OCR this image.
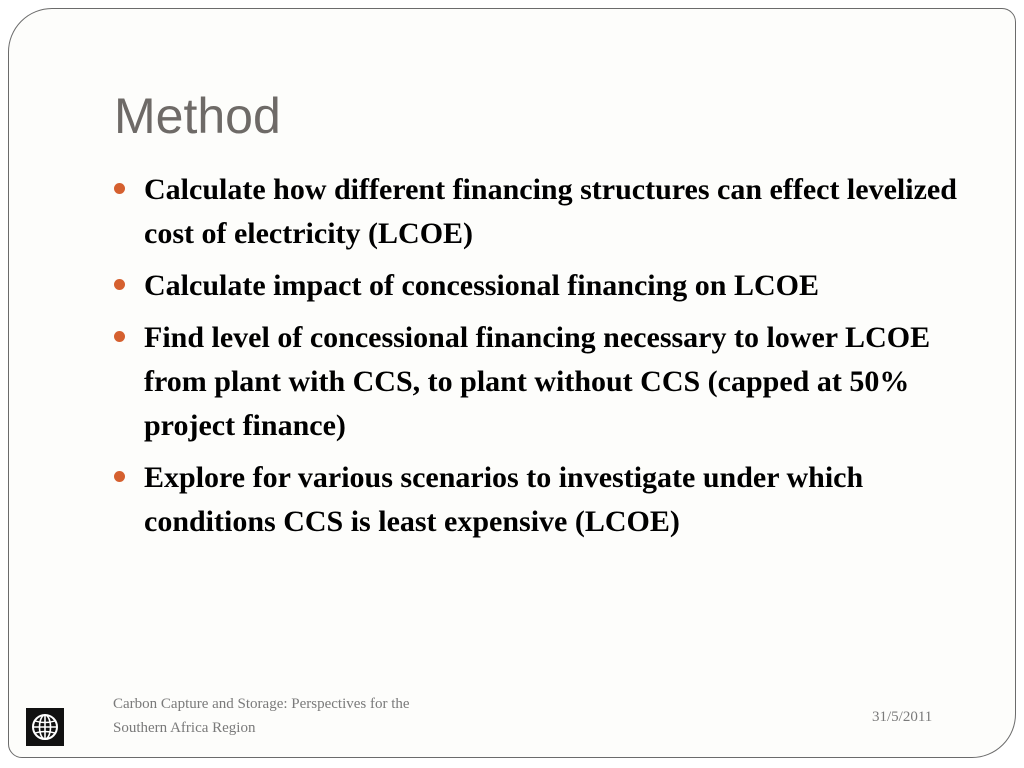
Method
Calculate how different financing structures can effect levelized cost of electricity (LCOE)
Calculate impact of concessional financing on LCOE
Find level of concessional financing necessary to lower LCOE from plant with CCS, to plant without CCS (capped at 50% project finance)
Explore for various scenarios to investigate under which conditions CCS is least expensive (LCOE)
Carbon Capture and Storage: Perspectives for the
Southern Africa Region
31/5/2011
